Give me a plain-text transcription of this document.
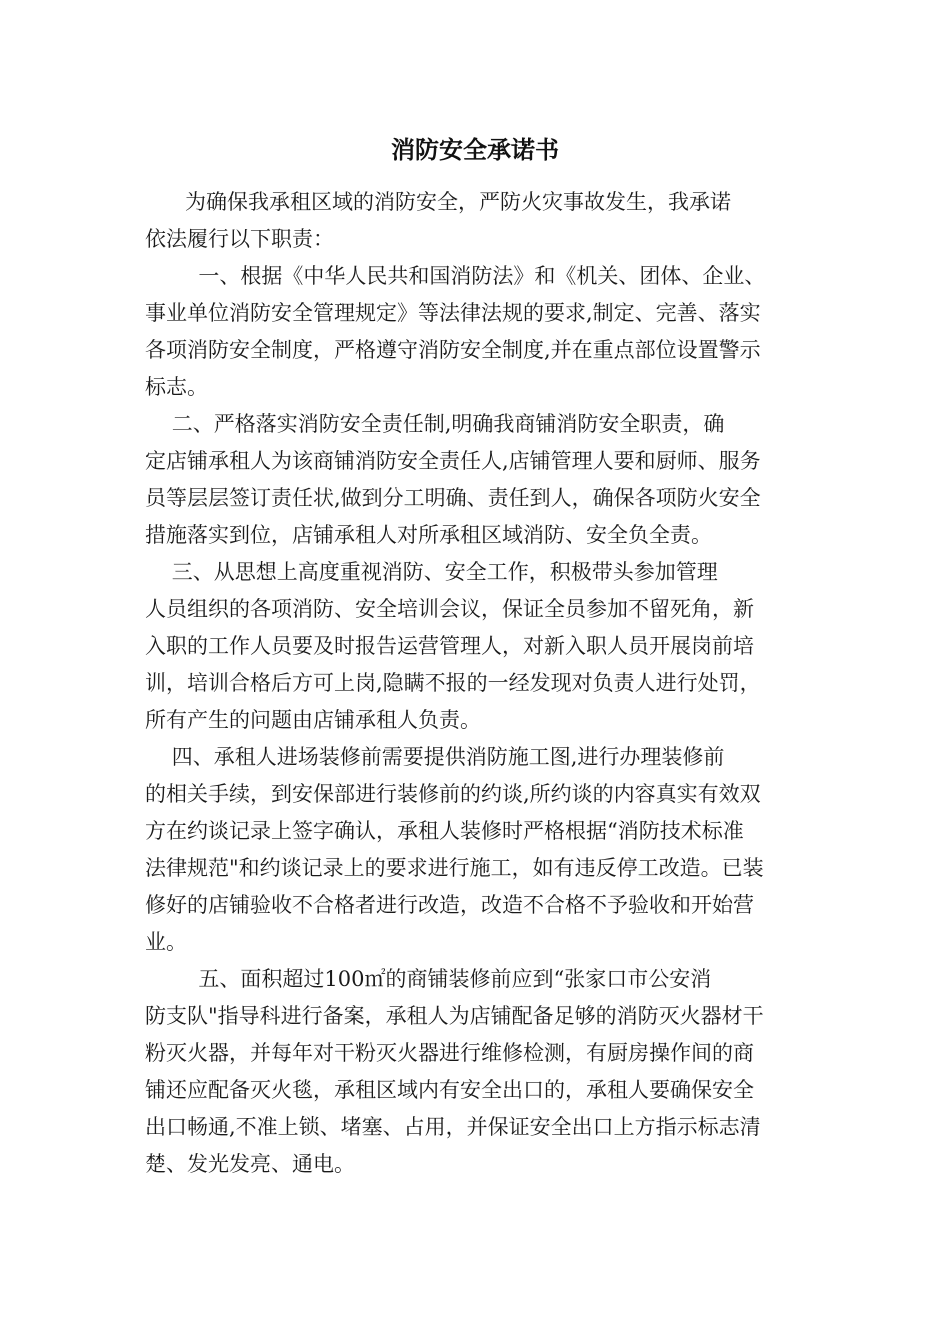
消防安全承诺书
为确保我承租区域的消防安全，严防火灾事故发生，我承诺
依法履行以下职责：
一、根据《中华人民共和国消防法》和《机关、团体、企业、
事业单位消防安全管理规定》等法律法规的要求,制定、完善、落实
各项消防安全制度，严格遵守消防安全制度,并在重点部位设置警示
标志。
二、严格落实消防安全责任制,明确我商铺消防安全职责，确
定店铺承租人为该商铺消防安全责任人,店铺管理人要和厨师、服务
员等层层签订责任状,做到分工明确、责任到人，确保各项防火安全
措施落实到位，店铺承租人对所承租区域消防、安全负全责。
三、从思想上高度重视消防、安全工作，积极带头参加管理
人员组织的各项消防、安全培训会议，保证全员参加不留死角，新
入职的工作人员要及时报告运营管理人，对新入职人员开展岗前培
训，培训合格后方可上岗,隐瞒不报的一经发现对负责人进行处罚，
所有产生的问题由店铺承租人负责。
四、承租人进场装修前需要提供消防施工图,进行办理装修前
的相关手续，到安保部进行装修前的约谈,所约谈的内容真实有效双
方在约谈记录上签字确认，承租人装修时严格根据“消防技术标准
法律规范"和约谈记录上的要求进行施工，如有违反停工改造。已装
修好的店铺验收不合格者进行改造，改造不合格不予验收和开始营
业。
五、面积超过100㎡的商铺装修前应到“张家口市公安消
防支队"指导科进行备案，承租人为店铺配备足够的消防灭火器材干
粉灭火器，并每年对干粉灭火器进行维修检测，有厨房操作间的商
铺还应配备灭火毯，承租区域内有安全出口的，承租人要确保安全
出口畅通,不准上锁、堵塞、占用，并保证安全出口上方指示标志清
楚、发光发亮、通电。
